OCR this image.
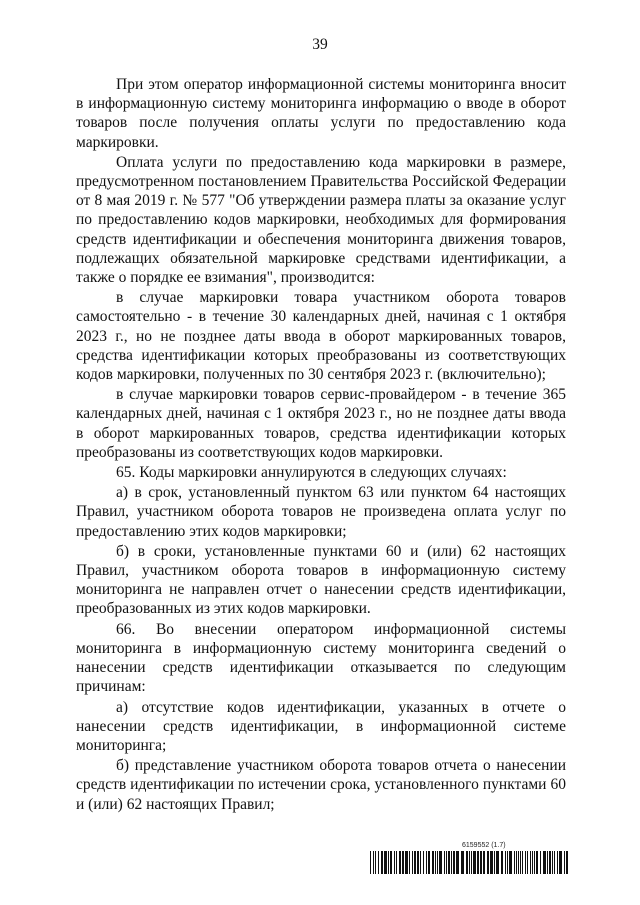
39

При этом оператор информационной системы мониторинга вносит в информационную систему мониторинга информацию о вводе в оборот товаров после получения оплаты услуги по предоставлению кода маркировки.

Оплата услуги по предоставлению кода маркировки в размере, предусмотренном постановлением Правительства Российской Федерации от 8 мая 2019 г. № 577 "Об утверждении размера платы за оказание услуг по предоставлению кодов маркировки, необходимых для формирования средств идентификации и обеспечения мониторинга движения товаров, подлежащих обязательной маркировке средствами идентификации, а также о порядке ее взимания", производится:

в случае маркировки товара участником оборота товаров самостоятельно - в течение 30 календарных дней, начиная с 1 октября 2023 г., но не позднее даты ввода в оборот маркированных товаров, средства идентификации которых преобразованы из соответствующих кодов маркировки, полученных по 30 сентября 2023 г. (включительно);

в случае маркировки товаров сервис-провайдером - в течение 365 календарных дней, начиная с 1 октября 2023 г., но не позднее даты ввода в оборот маркированных товаров, средства идентификации которых преобразованы из соответствующих кодов маркировки.

65. Коды маркировки аннулируются в следующих случаях:

а) в срок, установленный пунктом 63 или пунктом 64 настоящих Правил, участником оборота товаров не произведена оплата услуг по предоставлению этих кодов маркировки;

б) в сроки, установленные пунктами 60 и (или) 62 настоящих Правил, участником оборота товаров в информационную систему мониторинга не направлен отчет о нанесении средств идентификации, преобразованных из этих кодов маркировки.

66. Во внесении оператором информационной системы мониторинга в информационную систему мониторинга сведений о нанесении средств идентификации отказывается по следующим причинам:

а) отсутствие кодов идентификации, указанных в отчете о нанесении средств идентификации, в информационной системе мониторинга;

б) представление участником оборота товаров отчета о нанесении средств идентификации по истечении срока, установленного пунктами 60 и (или) 62 настоящих Правил;

6159552 (1.7)
